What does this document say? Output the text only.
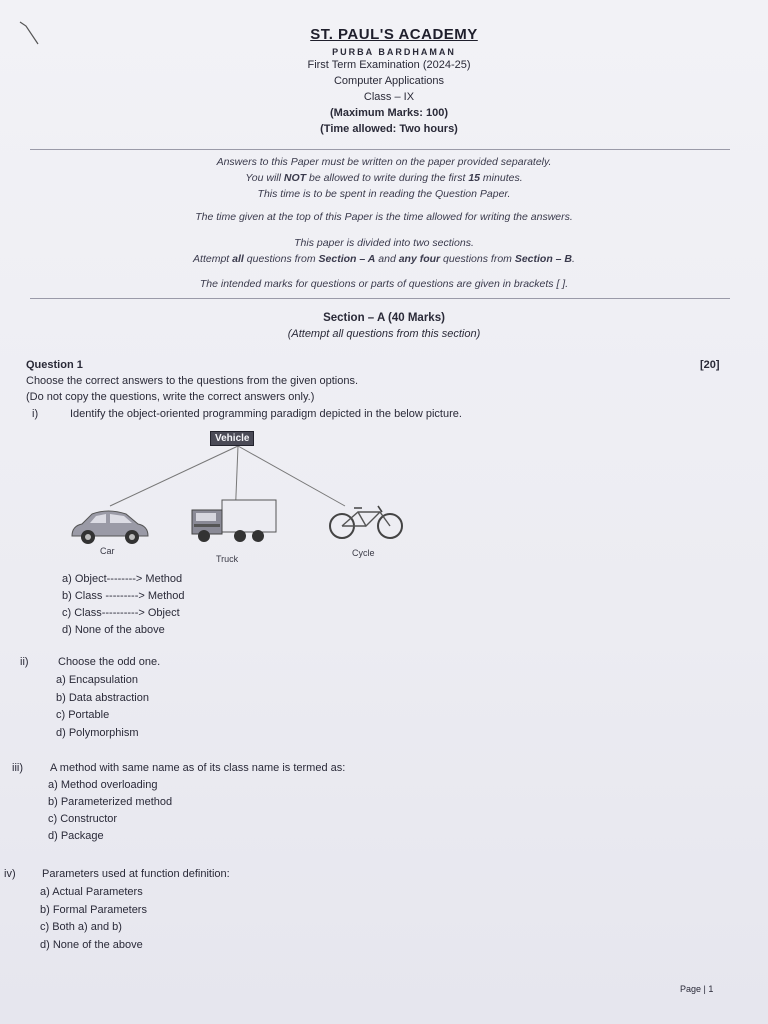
ST. PAUL'S ACADEMY
PURBA BARDHAMAN
First Term Examination (2024-25)
Computer Applications
Class – IX
(Maximum Marks: 100)
(Time allowed: Two hours)
Answers to this Paper must be written on the paper provided separately.
You will NOT be allowed to write during the first 15 minutes.
This time is to be spent in reading the Question Paper.
The time given at the top of this Paper is the time allowed for writing the answers.
This paper is divided into two sections.
Attempt all questions from Section – A and any four questions from Section – B.
The intended marks for questions or parts of questions are given in brackets [ ].
Section – A (40 Marks)
(Attempt all questions from this section)
Question 1	[20]
Choose the correct answers to the questions from the given options.
(Do not copy the questions, write the correct answers only.)
i)	Identify the object-oriented programming paradigm depicted in the below picture.
Vehicle
Car
Truck
Cycle
a) Object--------> Method
b) Class ---------> Method
c) Class----------> Object
d) None of the above
ii)	Choose the odd one.
a) Encapsulation
b) Data abstraction
c) Portable
d) Polymorphism
iii) A method with same name as of its class name is termed as:
a) Method overloading
b) Parameterized method
c) Constructor
d) Package
iv) Parameters used at function definition:
a) Actual Parameters
b) Formal Parameters
c) Both a) and b)
d) None of the above
Page | 1
